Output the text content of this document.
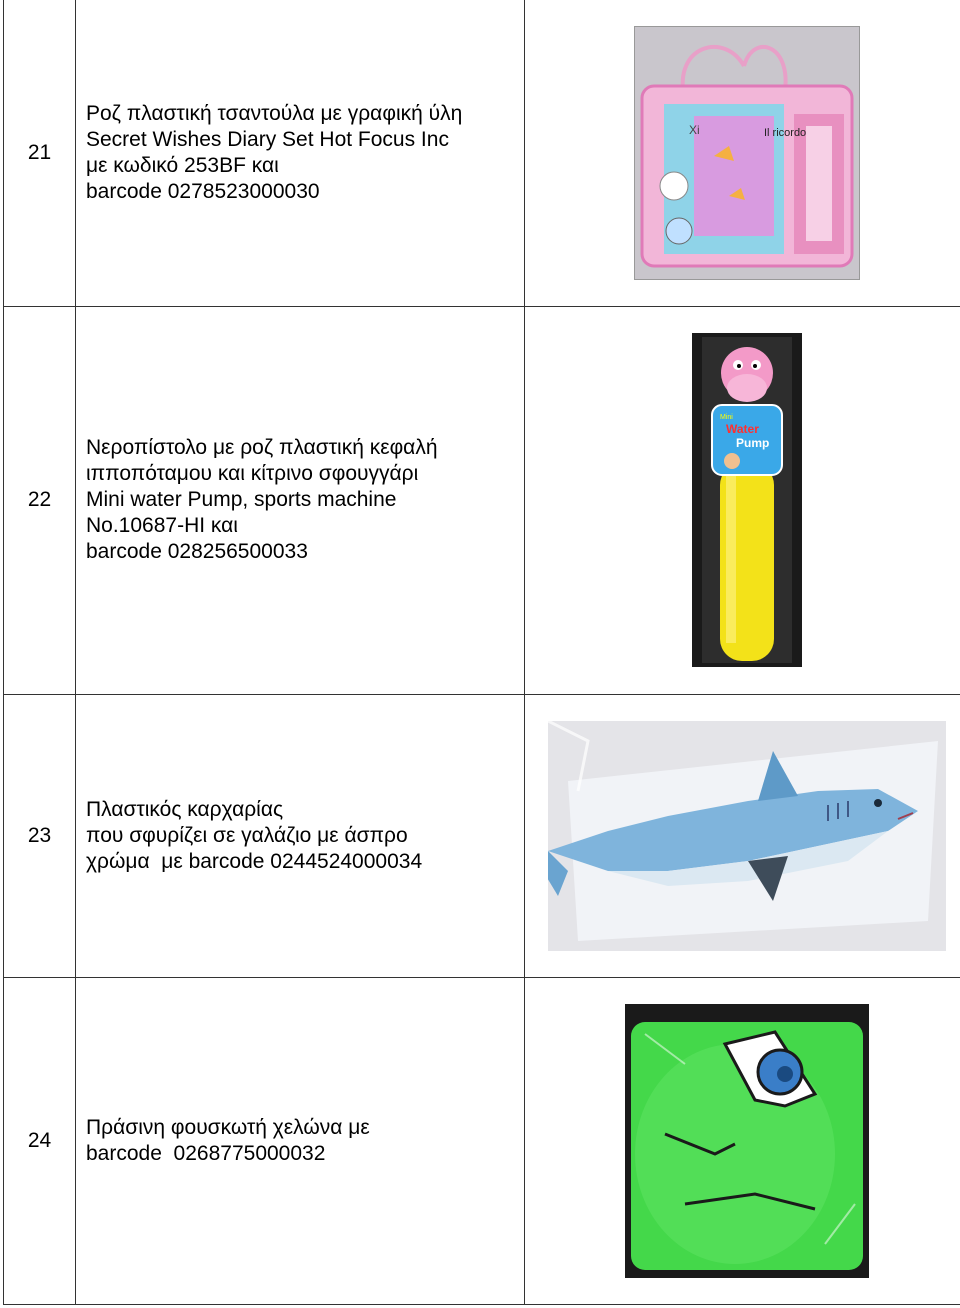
21	Ροζ πλαστική τσαντούλα με γραφική ύλη
Secret Wishes Diary Set Hot Focus Inc
με κωδικό 253BF και
barcode 0278523000030	Xi Il ricordo

22	Νεροπίστολο με ροζ πλαστική κεφαλή
ιπποπόταμου και κίτρινο σφουγγάρι
Mini water Pump, sports machine
No.10687-HI και
barcode 028256500033	Mini
Water
Pump

23	Πλαστικός καρχαρίας
που σφυρίζει σε γαλάζιο με άσπρο
χρώμα  με barcode 0244524000034

24	Πράσινη φουσκωτή χελώνα με
barcode  0268775000032
